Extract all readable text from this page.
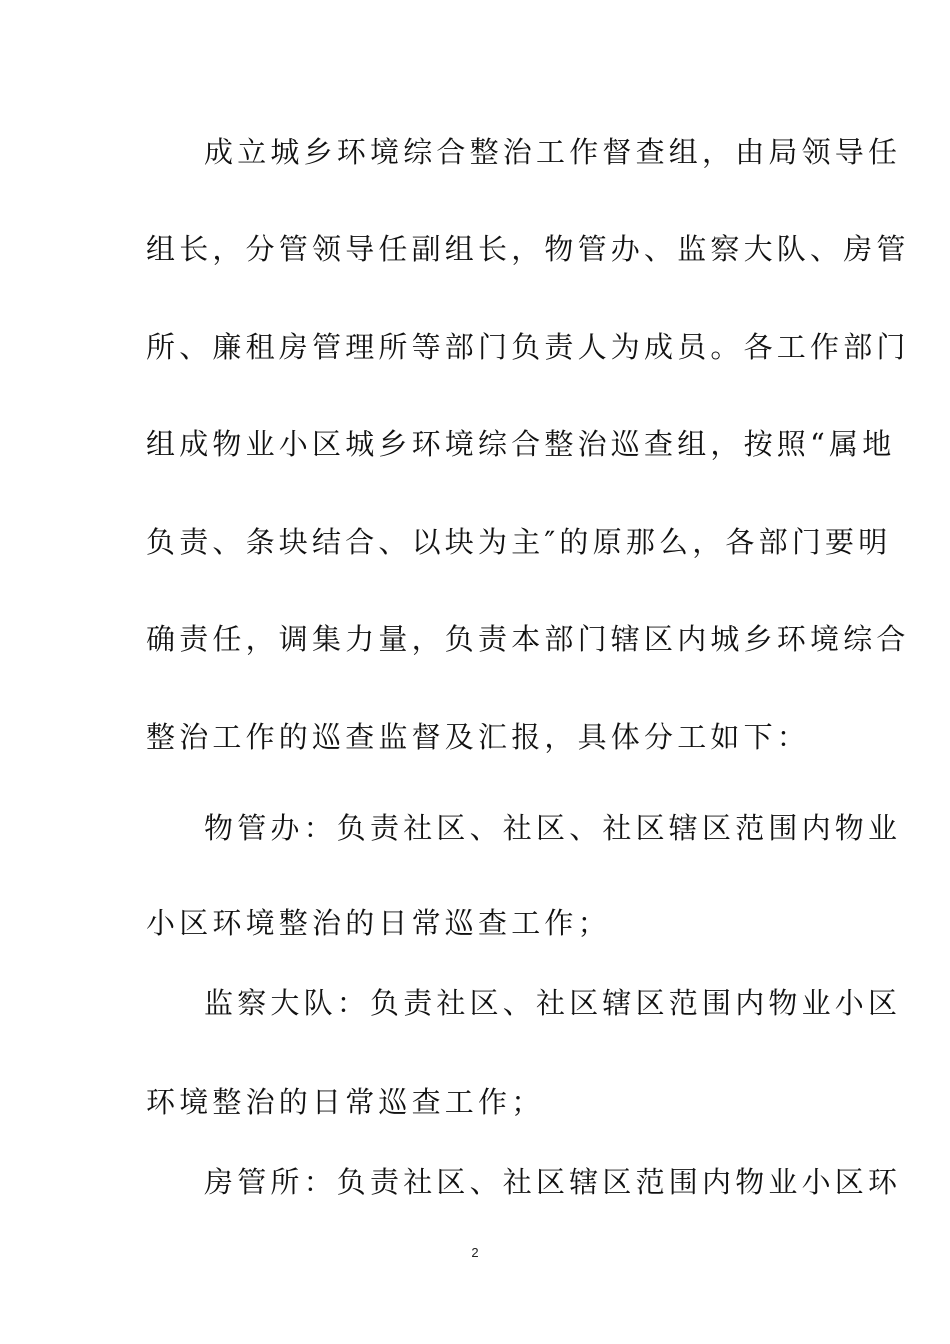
成立城乡环境综合整治工作督查组，由局领导任
组长，分管领导任副组长，物管办、监察大队、房管
所、廉租房管理所等部门负责人为成员。各工作部门
组成物业小区城乡环境综合整治巡查组，按照“属地
负责、条块结合、以块为主″的原那么，各部门要明
确责任，调集力量，负责本部门辖区内城乡环境综合
整治工作的巡查监督及汇报，具体分工如下：
物管办：负责社区、社区、社区辖区范围内物业
小区环境整治的日常巡查工作；
监察大队：负责社区、社区辖区范围内物业小区
环境整治的日常巡查工作；
房管所：负责社区、社区辖区范围内物业小区环
2
